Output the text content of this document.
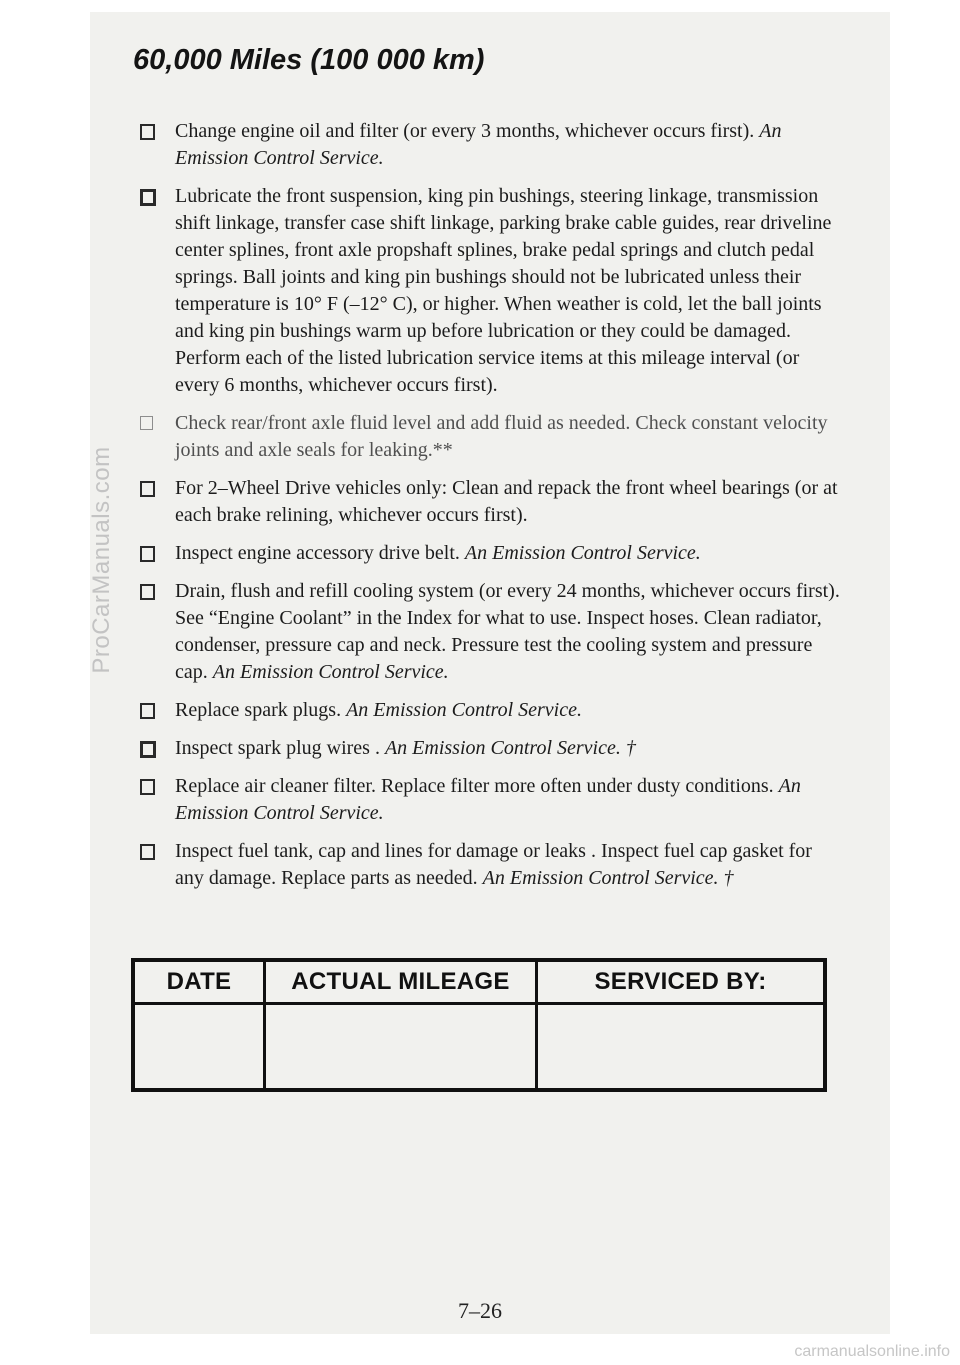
ProCarManuals.com
60,000 Miles (100 000 km)
Change engine oil and filter (or every 3 months, whichever occurs first). An Emission Control Service.
Lubricate the front suspension, king pin bushings, steering linkage, transmission shift linkage, transfer case shift linkage, parking brake cable guides, rear driveline center splines, front axle propshaft splines, brake pedal springs and clutch pedal springs. Ball joints and king pin bushings should not be lubricated unless their temperature is 10° F (–12° C), or higher. When weather is cold, let the ball joints and king pin bushings warm up before lubrication or they could be damaged. Perform each of the listed lubrication service items at this mileage interval (or every 6 months, whichever occurs first).
Check rear/front axle fluid level and add fluid as needed. Check constant velocity joints and axle seals for leaking.**
For 2–Wheel Drive vehicles only: Clean and repack the front wheel bearings (or at each brake relining, whichever occurs first).
Inspect engine accessory drive belt. An Emission Control Service.
Drain, flush and refill cooling system (or every 24 months, whichever occurs first). See “Engine Coolant” in the Index for what to use. Inspect hoses. Clean radiator, condenser, pressure cap and neck. Pressure test the cooling system and pressure cap. An Emission Control Service.
Replace spark plugs. An Emission Control Service.
Inspect spark plug wires . An Emission Control Service. †
Replace air cleaner filter. Replace filter more often under dusty conditions. An Emission Control Service.
Inspect fuel tank, cap and lines for damage or leaks . Inspect fuel cap gasket for any damage. Replace parts as needed. An Emission Control Service. †
DATE	ACTUAL MILEAGE	SERVICED BY:
7–26
carmanualsonline.info
